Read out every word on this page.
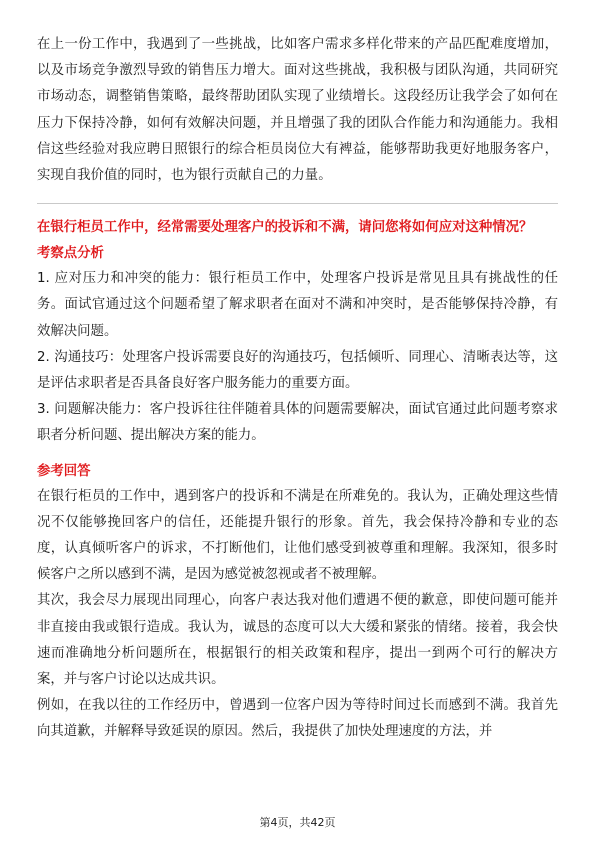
在上一份工作中，我遇到了一些挑战，比如客户需求多样化带来的产品匹配难度增加，以及市场竞争激烈导致的销售压力增大。面对这些挑战，我积极与团队沟通，共同研究市场动态，调整销售策略，最终帮助团队实现了业绩增长。这段经历让我学会了如何在压力下保持冷静，如何有效解决问题，并且增强了我的团队合作能力和沟通能力。我相信这些经验对我应聘日照银行的综合柜员岗位大有裨益，能够帮助我更好地服务客户，实现自我价值的同时，也为银行贡献自己的力量。

在银行柜员工作中，经常需要处理客户的投诉和不满，请问您将如何应对这种情况？

考察点分析

1. 应对压力和冲突的能力：银行柜员工作中，处理客户投诉是常见且具有挑战性的任务。面试官通过这个问题希望了解求职者在面对不满和冲突时，是否能够保持冷静，有效解决问题。

2. 沟通技巧：处理客户投诉需要良好的沟通技巧，包括倾听、同理心、清晰表达等，这是评估求职者是否具备良好客户服务能力的重要方面。

3. 问题解决能力：客户投诉往往伴随着具体的问题需要解决，面试官通过此问题考察求职者分析问题、提出解决方案的能力。

参考回答

在银行柜员的工作中，遇到客户的投诉和不满是在所难免的。我认为，正确处理这些情况不仅能够挽回客户的信任，还能提升银行的形象。首先，我会保持冷静和专业的态度，认真倾听客户的诉求，不打断他们，让他们感受到被尊重和理解。我深知，很多时候客户之所以感到不满，是因为感觉被忽视或者不被理解。

其次，我会尽力展现出同理心，向客户表达我对他们遭遇不便的歉意，即使问题可能并非直接由我或银行造成。我认为，诚恳的态度可以大大缓和紧张的情绪。接着，我会快速而准确地分析问题所在，根据银行的相关政策和程序，提出一到两个可行的解决方案，并与客户讨论以达成共识。

例如，在我以往的工作经历中，曾遇到一位客户因为等待时间过长而感到不满。我首先向其道歉，并解释导致延误的原因。然后，我提供了加快处理速度的方法，并

第4页，共42页
